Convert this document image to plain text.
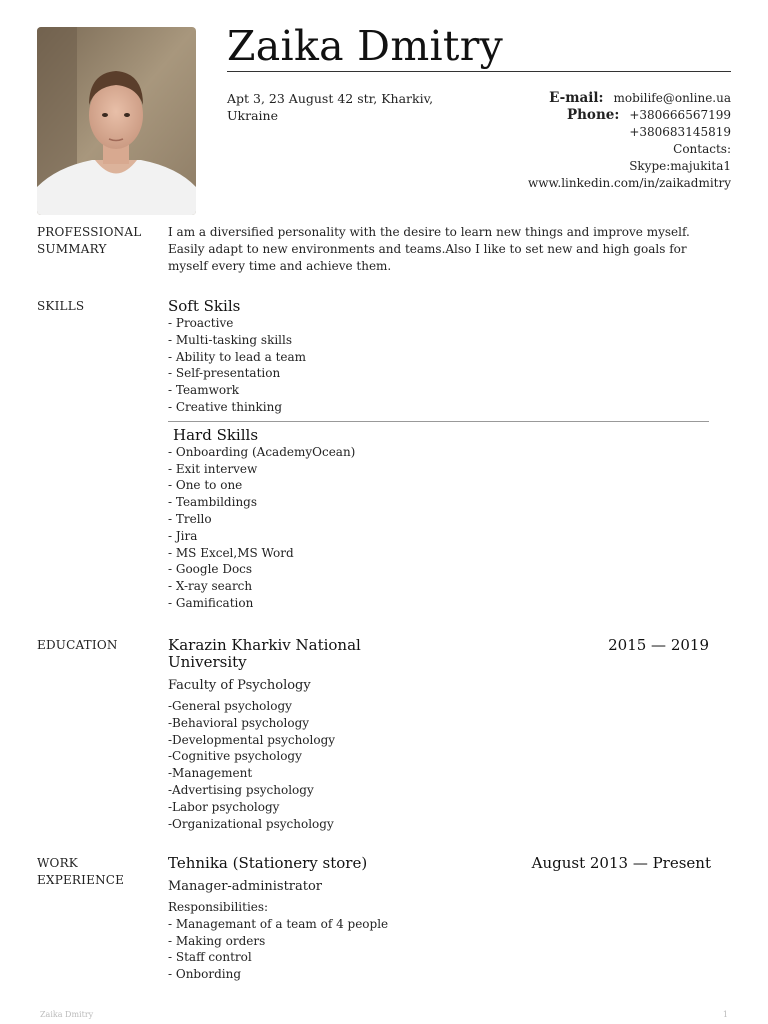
Zaika Dmitry
Apt 3, 23 August 42 str, Kharkiv,
Ukraine
E-mail: mobilife@online.ua
Phone: +380666567199
+380683145819
Contacts:
Skype:majukita1
www.linkedin.com/in/zaikadmitry
PROFESSIONAL
SUMMARY
I am a diversified personality with the desire to learn new things and improve myself.
Easily adapt to new environments and teams.Also I like to set new and high goals for
myself every time and achieve them.
SKILLS	Soft Skils
- Proactive
- Multi-tasking skills
- Ability to lead a team
- Self-presentation
- Teamwork
- Creative thinking
Hard Skills
- Onboarding (AcademyOcean)
- Exit intervew
- One to one
- Teambildings
- Trello
- Jira
- MS Excel,MS Word
- Google Docs
- X-ray search
- Gamification
EDUCATION	Karazin Kharkiv National
University
2015 — 2019
Faculty of Psychology
-General psychology
-Behavioral psychology
-Developmental psychology
-Cognitive psychology
-Management
-Advertising psychology
-Labor psychology
-Organizational psychology
WORK
EXPERIENCE
Tehnika (Stationery store)	August 2013 — Present
Manager-administrator
Responsibilities:
- Managemant of a team of 4 people
- Making orders
- Staff control
- Onbording
Zaika Dmitry	1
